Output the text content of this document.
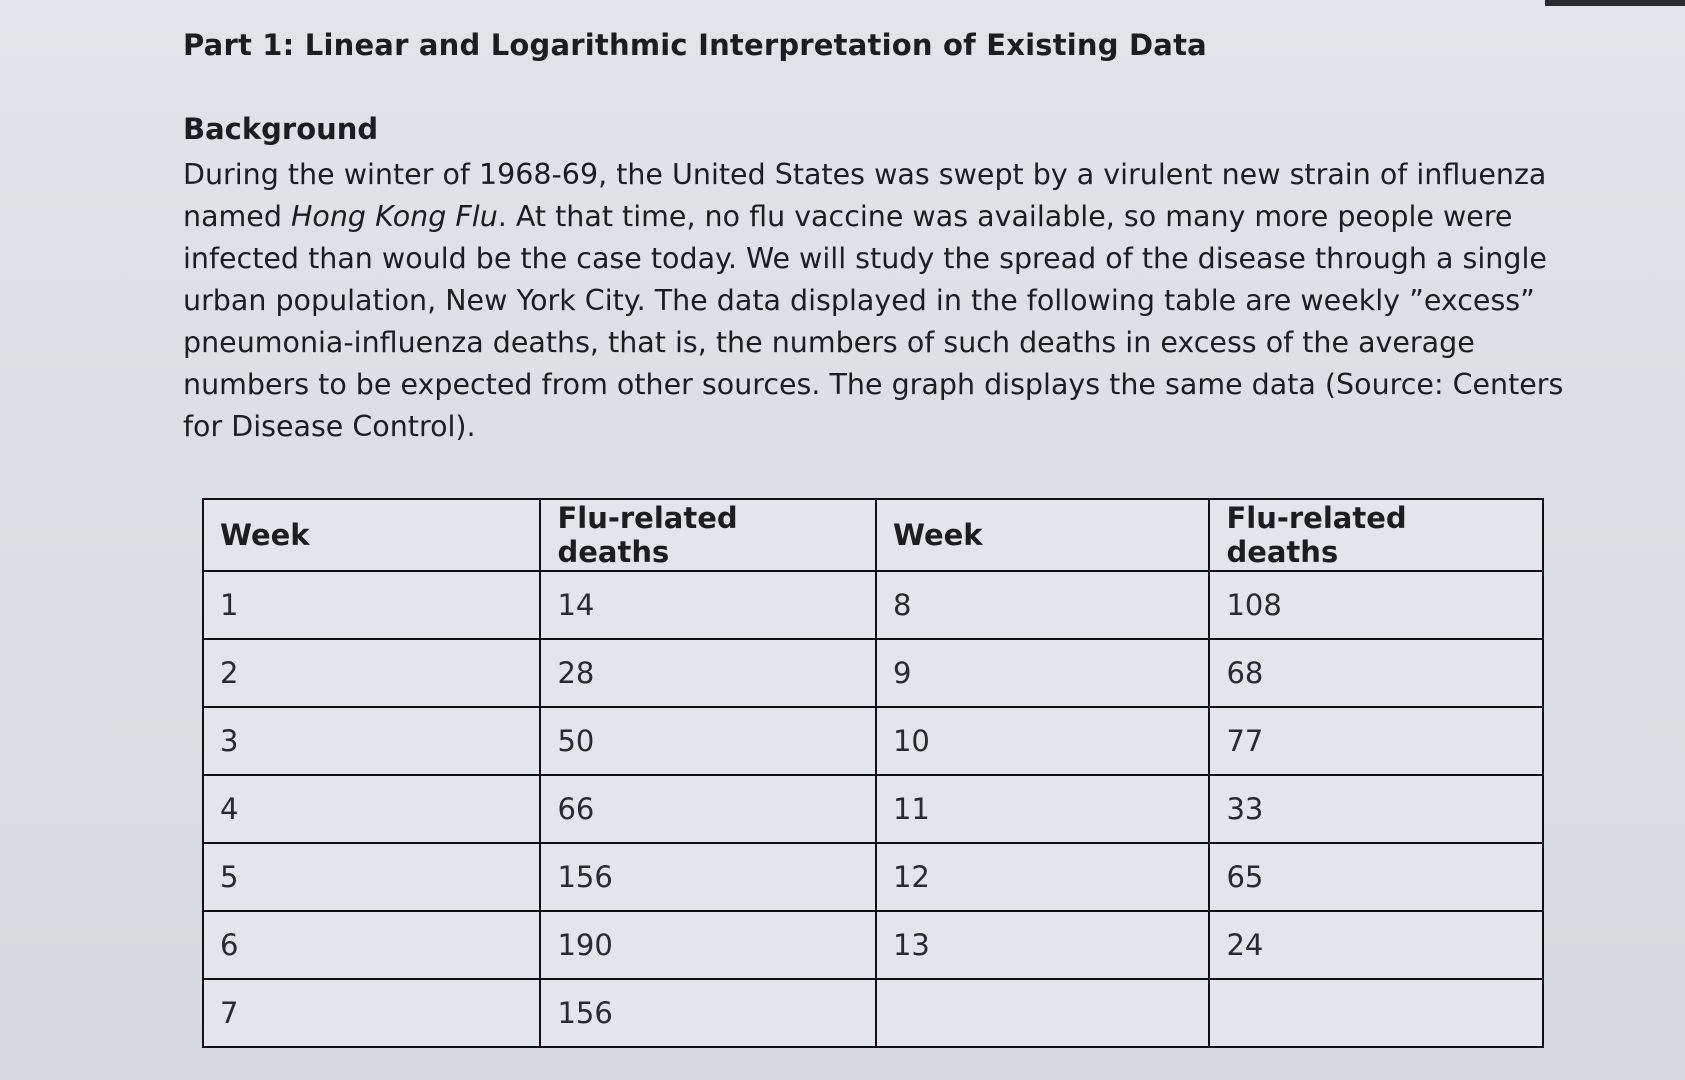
Part 1: Linear and Logarithmic Interpretation of Existing Data
Background

During the winter of 1968-69, the United States was swept by a virulent new strain of influenza
named Hong Kong Flu. At that time, no flu vaccine was available, so many more people were
infected than would be the case today. We will study the spread of the disease through a single
urban population, New York City. The data displayed in the following table are weekly ”excess”
pneumonia-influenza deaths, that is, the numbers of such deaths in excess of the average
numbers to be expected from other sources. The graph displays the same data (Source: Centers
for Disease Control).

Week	Flu-related deaths	Week	Flu-related deaths
1	14	8	108
2	28	9	68
3	50	10	77
4	66	11	33
5	156	12	65
6	190	13	24
7	156		
